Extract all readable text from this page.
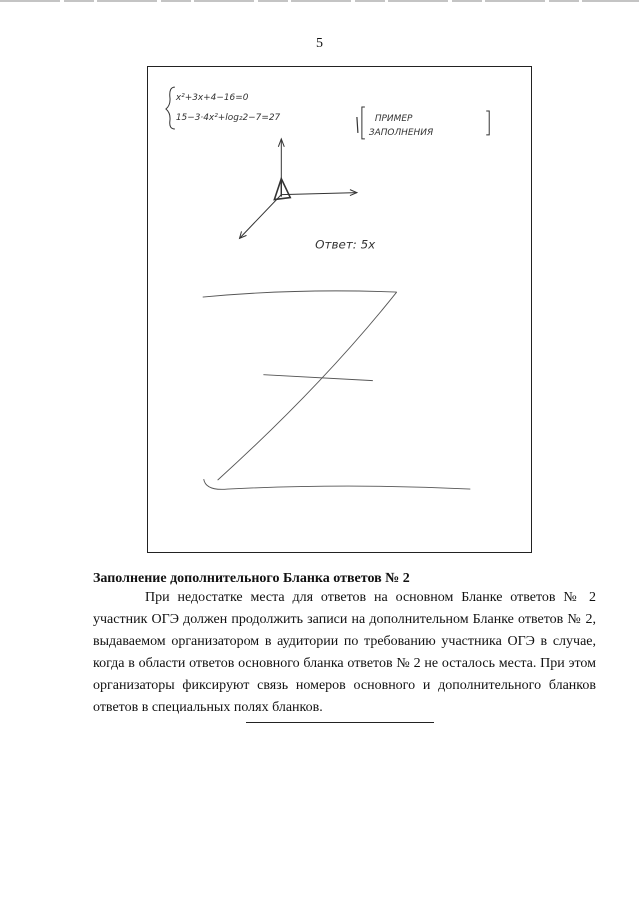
5
x²+3x+4−16=0
15−3·4x²+log₂2−7=27	ПРИМЕР
ЗАПОЛНЕНИЯ
Ответ: 5x
Заполнение дополнительного Бланка ответов № 2

При недостатке места для ответов на основном Бланке ответов № 2 участник ОГЭ должен продолжить записи на дополнительном Бланке ответов № 2, выдаваемом организатором в аудитории по требованию участника ОГЭ в случае, когда в области ответов основного бланка ответов № 2 не осталось места. При этом организаторы фиксируют связь номеров основного и дополнительного бланков ответов в специальных полях бланков.
